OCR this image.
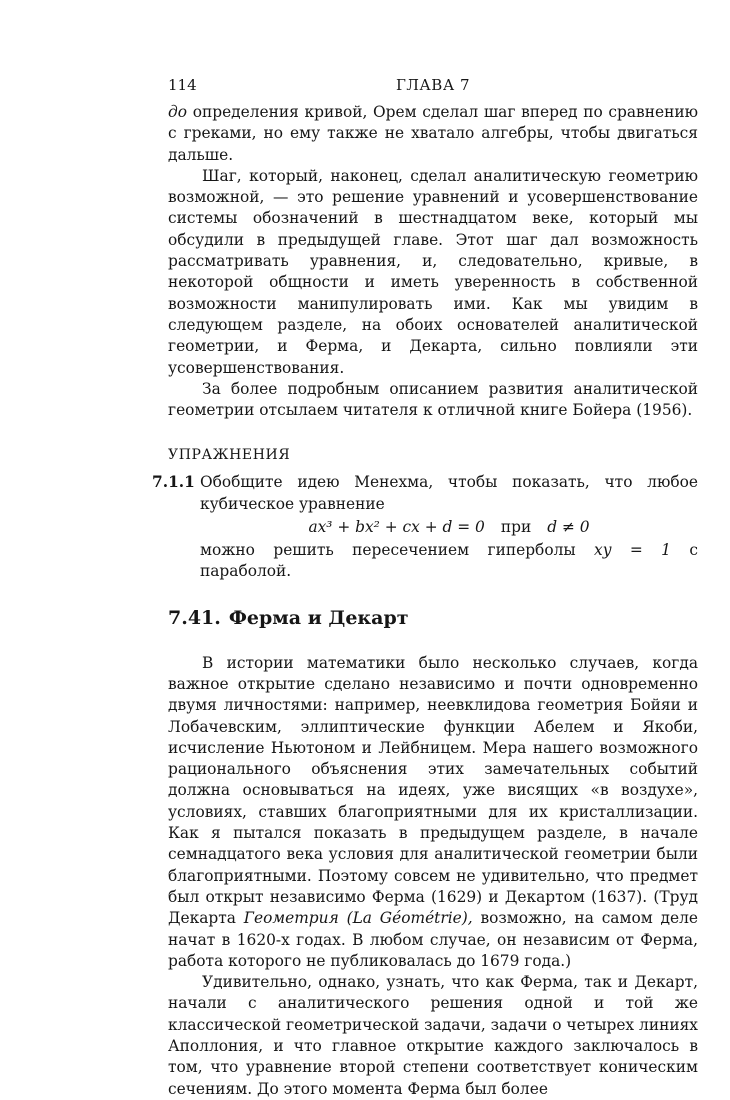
114	ГЛАВА 7

до определения кривой, Орем сделал шаг вперед по сравнению с греками, но ему также не хватало алгебры, чтобы двигаться дальше.

Шаг, который, наконец, сделал аналитическую геометрию возможной, — это решение уравнений и усовершенствование системы обозначений в шестнадцатом веке, который мы обсудили в предыдущей главе. Этот шаг дал возможность рассматривать уравнения, и, следовательно, кривые, в некоторой общности и иметь уверенность в собственной возможности манипулировать ими. Как мы увидим в следующем разделе, на обоих основателей аналитической геометрии, и Ферма, и Декарта, сильно повлияли эти усовершенствования.

За более подробным описанием развития аналитической геометрии отсылаем читателя к отличной книге Бойера (1956).

УПРАЖНЕНИЯ
7.1.1 Обобщите идею Менехма, чтобы показать, что любое кубическое уравнение

ax³ + bx² + cx + d = 0 при d ≠ 0

можно решить пересечением гиперболы xy = 1 с параболой.

7.41. Ферма и Декарт

В истории математики было несколько случаев, когда важное открытие сделано независимо и почти одновременно двумя личностями: например, неевклидова геометрия Бойяи и Лобачевским, эллиптические функции Абелем и Якоби, исчисление Ньютоном и Лейбницем. Мера нашего возможного рационального объяснения этих замечательных событий должна основываться на идеях, уже висящих «в воздухе», условиях, ставших благоприятными для их кристаллизации. Как я пытался показать в предыдущем разделе, в начале семнадцатого века условия для аналитической геометрии были благоприятными. Поэтому совсем не удивительно, что предмет был открыт независимо Ферма (1629) и Декартом (1637). (Труд Декарта Геометрия (La Géométrie), возможно, на самом деле начат в 1620-х годах. В любом случае, он независим от Ферма, работа которого не публиковалась до 1679 года.)

Удивительно, однако, узнать, что как Ферма, так и Декарт, начали с аналитического решения одной и той же классической геометрической задачи, задачи о четырех линиях Аполлония, и что главное открытие каждого заключалось в том, что уравнение второй степени соответствует коническим сечениям. До этого момента Ферма был более
